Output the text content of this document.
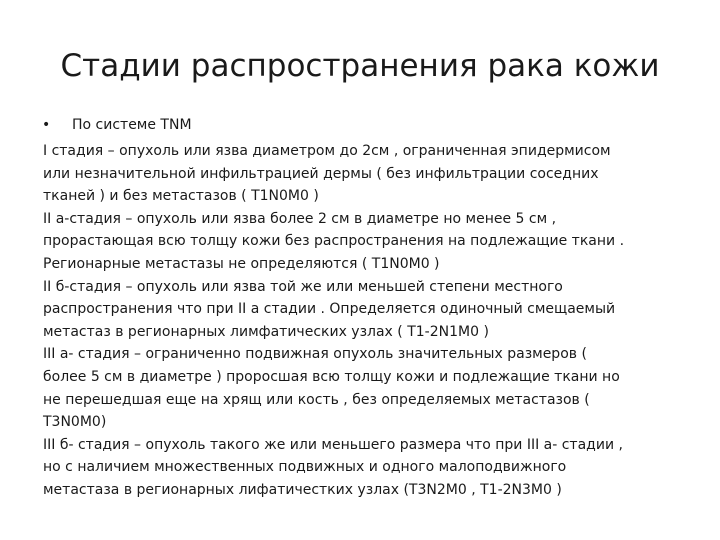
Стадии распространения рака кожи
• По системе TNM

I стадия – опухоль или язва диаметром до 2см , ограниченная эпидермисом
или незначительной инфильтрацией дермы ( без инфильтрации соседних
тканей ) и без метастазов ( T1N0M0 )

II а-стадия – опухоль или язва более 2 см в диаметре но менее 5 см ,
прорастающая всю толщу кожи без распространения на подлежащие ткани .
Регионарные метастазы не определяются ( T1N0M0 )

II б-стадия – опухоль или язва той же или меньшей степени местного
распространения что при II а стадии . Определяется одиночный смещаемый
метастаз в регионарных лимфатических узлах ( T1-2N1M0 )

III а- стадия – ограниченно подвижная опухоль значительных размеров (
более 5 см в диаметре ) проросшая всю толщу кожи и подлежащие ткани но
не перешедшая еще на хрящ или кость , без определяемых метастазов (
T3N0M0)

III б- стадия – опухоль такого же или меньшего размера что при III а- стадии ,
но с наличием множественных подвижных и одного малоподвижного
метастаза в регионарных лифатичестких узлах (T3N2M0 , T1-2N3M0 )
